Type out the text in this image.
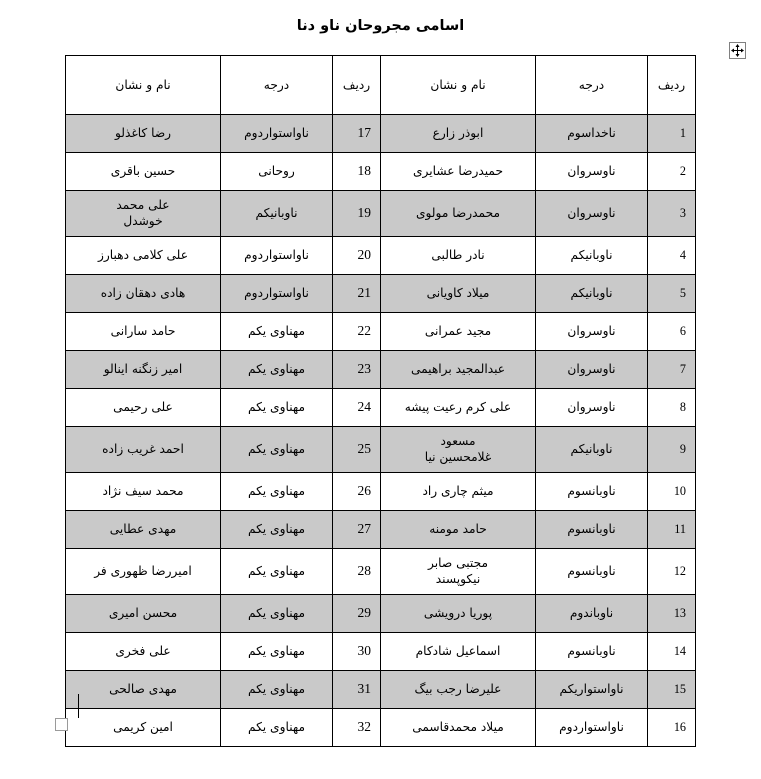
اسامی مجروحان ناو دنا
ردیف	درجه	نام و نشان	ردیف	درجه	نام و نشان
1	ناخداسوم	ابوذر زارع	17	ناواستواردوم	رضا کاغذلو

2	ناوسروان	حمیدرضا عشایری	18	روحانی	حسین باقری

3	ناوسروان	محمدرضا مولوی	19	ناوبانیکم	علی محمد
خوشدل

4	ناوبانیکم	نادر طالبی	20	ناواستواردوم	علی کلامی دهبارز

5	ناوبانیکم	میلاد کاویانی	21	ناواستواردوم	هادی دهقان زاده

6	ناوسروان	مجید عمرانی	22	مهناوی یکم	حامد سارانی

7	ناوسروان	عبدالمجید براهیمی	23	مهناوی یکم	امیر زنگنه اینالو

8	ناوسروان	علی کرم رعیت پیشه	24	مهناوی یکم	علی رحیمی

9	ناوبانیکم	مسعود
غلامحسین نیا	25	مهناوی یکم	احمد غریب زاده

10	ناوبانسوم	میثم چاری راد	26	مهناوی یکم	محمد سیف نژاد

11	ناوبانسوم	حامد مومنه	27	مهناوی یکم	مهدی عطایی

12	ناوبانسوم	مجتبی صابر
نیکوپسند	28	مهناوی یکم	امیررضا ظهوری فر

13	ناوباندوم	پوریا درویشی	29	مهناوی یکم	محسن امیری

14	ناوبانسوم	اسماعیل شادکام	30	مهناوی یکم	علی فخری

15	ناواستواریکم	علیرضا رجب بیگ	31	مهناوی یکم	مهدی صالحی

16	ناواستواردوم	میلاد محمدقاسمی	32	مهناوی یکم	امین کریمی
